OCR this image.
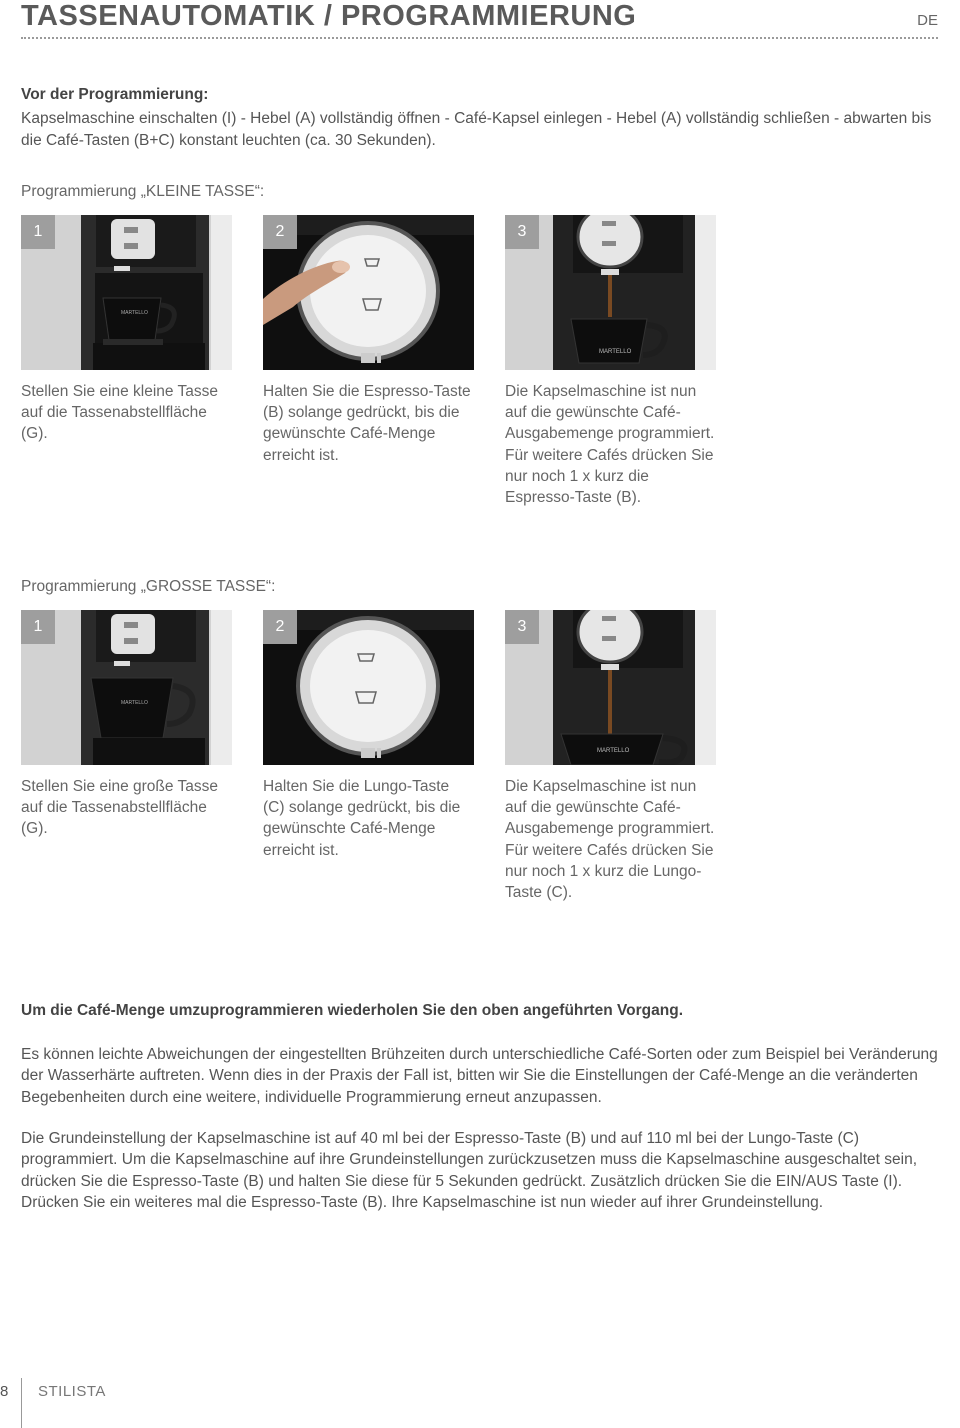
TASSENAUTOMATIK / PROGRAMMIERUNG	DE
Vor der Programmierung:
Kapselmaschine einschalten (I) - Hebel (A) vollständig öffnen - Café-Kapsel einlegen - Hebel (A) vollständig schließen - abwarten bis die Café-Tasten (B+C) konstant leuchten (ca. 30 Sekunden).
Programmierung „KLEINE TASSE“:
1
MARTELLO
2	3
MARTELLO
Stellen Sie eine kleine Tasse auf die Tassenabstellfläche (G).
Halten Sie die Espresso-Taste (B) solange gedrückt, bis die gewünschte Café-Menge erreicht ist.
Die Kapselmaschine ist nun auf die gewünschte Café-Ausgabemenge programmiert. Für weitere Cafés drücken Sie nur noch 1 x kurz die Espresso-Taste (B).
Programmierung „GROSSE TASSE“:
1
MARTELLO
2	3
MARTELLO
Stellen Sie eine große Tasse auf die Tassenabstellfläche (G).
Halten Sie die Lungo-Taste (C) solange gedrückt, bis die gewünschte Café-Menge erreicht ist.
Die Kapselmaschine ist nun auf die gewünschte Café-Ausgabemenge programmiert. Für weitere Cafés drücken Sie nur noch 1 x kurz die Lungo-Taste (C).
Um die Café-Menge umzuprogrammieren wiederholen Sie den oben angeführten Vorgang.
Es können leichte Abweichungen der eingestellten Brühzeiten durch unterschiedliche Café-Sorten oder zum Beispiel bei Veränderung der Wasserhärte auftreten. Wenn dies in der Praxis der Fall ist, bitten wir Sie die Einstellungen der Café-Menge an die veränderten Begebenheiten durch eine weitere, individuelle Programmierung erneut anzupassen.
Die Grundeinstellung der Kapselmaschine ist auf 40 ml bei der Espresso-Taste (B) und auf 110 ml bei der Lungo-Taste (C) programmiert. Um die Kapselmaschine auf ihre Grundeinstellungen zurückzusetzen muss die Kapselmaschine ausgeschaltet sein, drücken Sie die Espresso-Taste (B) und halten Sie diese für 5 Sekunden gedrückt. Zusätzlich drücken Sie die EIN/AUS Taste (I). Drücken Sie ein weiteres mal die Espresso-Taste (B). Ihre Kapselmaschine ist nun wieder auf ihrer Grundeinstellung.
8 STILISTA
